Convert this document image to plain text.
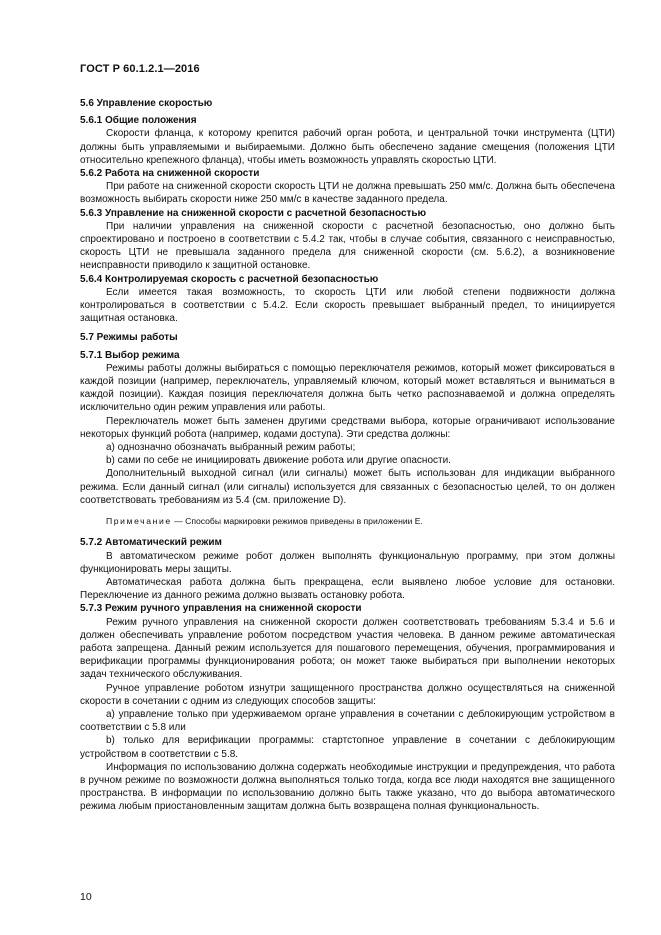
ГОСТ Р 60.1.2.1—2016

5.6 Управление скоростью

5.6.1 Общие положения

Скорости фланца, к которому крепится рабочий орган робота, и центральной точки инструмента (ЦТИ) должны быть управляемыми и выбираемыми. Должно быть обеспечено задание смещения (положения ЦТИ относительно крепежного фланца), чтобы иметь возможность управлять скоростью ЦТИ.

5.6.2 Работа на сниженной скорости

При работе на сниженной скорости скорость ЦТИ не должна превышать 250 мм/с. Должна быть обеспечена возможность выбирать скорости ниже 250 мм/с в качестве заданного предела.

5.6.3 Управление на сниженной скорости с расчетной безопасностью

При наличии управления на сниженной скорости с расчетной безопасностью, оно должно быть спроектировано и построено в соответствии с 5.4.2 так, чтобы в случае события, связанного с неисправностью, скорость ЦТИ не превышала заданного предела для сниженной скорости (см. 5.6.2), а возникновение неисправности приводило к защитной остановке.

5.6.4 Контролируемая скорость с расчетной безопасностью

Если имеется такая возможность, то скорость ЦТИ или любой степени подвижности должна контролироваться в соответствии с 5.4.2. Если скорость превышает выбранный предел, то инициируется защитная остановка.

5.7 Режимы работы

5.7.1 Выбор режима

Режимы работы должны выбираться с помощью переключателя режимов, который может фиксироваться в каждой позиции (например, переключатель, управляемый ключом, который может вставляться и выниматься в каждой позиции). Каждая позиция переключателя должна быть четко распознаваемой и должна определять исключительно один режим управления или работы.

Переключатель может быть заменен другими средствами выбора, которые ограничивают использование некоторых функций робота (например, кодами доступа). Эти средства должны:

a) однозначно обозначать выбранный режим работы;

b) сами по себе не инициировать движение робота или другие опасности.

Дополнительный выходной сигнал (или сигналы) может быть использован для индикации выбранного режима. Если данный сигнал (или сигналы) используется для связанных с безопасностью целей, то он должен соответствовать требованиям из 5.4 (см. приложение D).

Примечание — Способы маркировки режимов приведены в приложении Е.

5.7.2 Автоматический режим

В автоматическом режиме робот должен выполнять функциональную программу, при этом должны функционировать меры защиты.

Автоматическая работа должна быть прекращена, если выявлено любое условие для остановки. Переключение из данного режима должно вызвать остановку робота.

5.7.3 Режим ручного управления на сниженной скорости

Режим ручного управления на сниженной скорости должен соответствовать требованиям 5.3.4 и 5.6 и должен обеспечивать управление роботом посредством участия человека. В данном режиме автоматическая работа запрещена. Данный режим используется для пошагового перемещения, обучения, программирования и верификации программы функционирования робота; он может также выбираться при выполнении некоторых задач технического обслуживания.

Ручное управление роботом изнутри защищенного пространства должно осуществляться на сниженной скорости в сочетании с одним из следующих способов защиты:

a) управление только при удерживаемом органе управления в сочетании с деблокирующим устройством в соответствии с 5.8 или

b) только для верификации программы: стартстопное управление в сочетании с деблокирующим устройством в соответствии с 5.8.

Информация по использованию должна содержать необходимые инструкции и предупреждения, что работа в ручном режиме по возможности должна выполняться только тогда, когда все люди находятся вне защищенного пространства. В информации по использованию должно быть также указано, что до выбора автоматического режима любым приостановленным защитам должна быть возвращена полная функциональность.

10
